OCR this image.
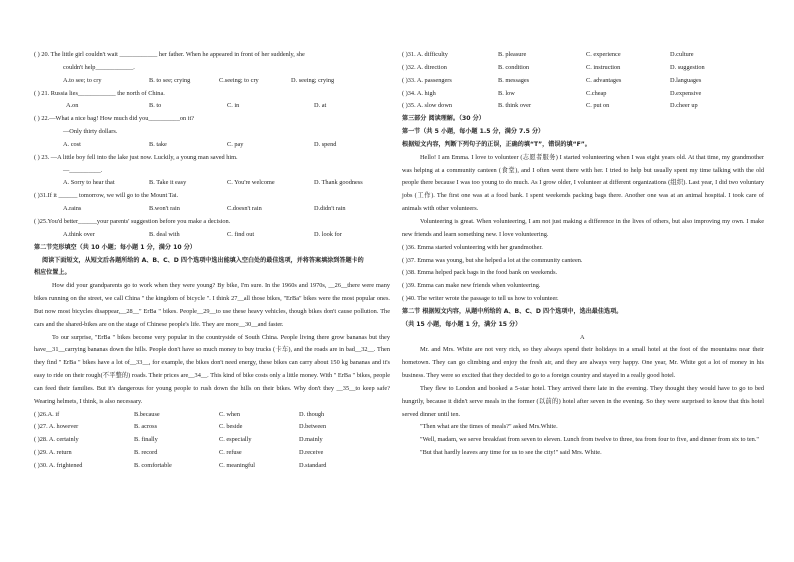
( ) 20. The little girl couldn't wait ____________ her father. When he appeared in front of her suddenly, she
couldn't help____________.
A.to see; to cry	B. to see; crying	C.seeing; to cry	D. seeing; crying
( ) 21. Russia lies____________ the north of China.
A.on	B. to	C. in	D. at
( ) 22.—What a nice bag! How much did you__________on it?
—Only thirty dollars.
A. cost	B. take	C. pay	D. spend
( ) 23. —A little boy fell into the lake just now. Luckily, a young man saved him.
—__________.
A. Sorry to hear that	B. Take it easy	C. You're welcome	D. Thank goodness
( )31.If it ______ tomorrow, we will go to the Mount Tai.
A.rains	B.won't rain	C.doesn't rain	D.didn't rain
( )25.You'd better______your parents' suggestion before you make a decision.
A.think over	B. deal with	C. find out	D. look for
第二节完形填空（共 10 小题；每小题 1 分，满分 10 分）
阅读下面短文，从短文后各题所给的 A、B、C、D 四个选项中选出能填入空白处的最佳选项，并将答案填涂到答题卡的
相应位置上。
How did your grandparents go to work when they were young? By bike, I'm sure. In the 1960s and 1970s, __26__there were many bikes running on the street, we call China " the kingdom of bicycle ". I think 27__all those bikes, "ErBa" bikes were the most popular ones. But now most bicycles disappear,__28__" ErBa " bikes. People__29__to use these heavy vehicles, though bikes don't cause pollution. The cars and the shared-bikes are on the stage of Chinese people's life. They are more__30__and faster.
To our surprise, "ErBa " bikes become very popular in the countryside of South China. People living there grow bananas but they have__31__carrying bananas down the hills. People don't have so much money to buy trucks (卡车), and the roads are in bad__32__. Then they find " ErBa " bikes have a lot of__33__, for example, the bikes don't need energy, these bikes can carry about 150 kg bananas and it's easy to ride on their rough(不平整的) roads. Their prices are__34__. This kind of bike costs only a little money. With " ErBa " bikes, people can feed their families. But it's dangerous for young people to rush down the hills on their bikes. Why don't they __35__to keep safe? Wearing helmets, I think, is also necessary.
( )26.A. if	B.because	C. when	D. though
( )27. A. however	B. across	C. beside	D.between
( )28. A. certainly	B. finally	C. especially	D.mainly
( )29. A. return	B. record	C. refuse	D.receive
( )30. A. frightened	B. comfortable	C. meaningful	D.standard
( )31. A. difficulty	B. pleasure	C. experience	D.culture
( )32. A. direction	B. condition	C. instruction	D. suggestion
( )33. A. passengers	B. messages	C. advantages	D.languages
( )34. A. high	B. low	C.cheap	D.expensive
( )35. A. slow down	B. think over	C. put on	D.cheer up
第三部分 阅读理解。（30 分）
第一节（共 5 小题，每小题 1.5 分，满分 7.5 分）
根据短文内容，判断下列句子的正误，正确的填“T”，错误的填“F”。
Hello! I am Emma. I love to volunteer (志愿者服务) I started volunteering when I was eight years old. At that time, my grandmother was helping at a community canteen (食堂), and I often went there with her. I tried to help but usually spent my time talking with the old people there because I was too young to do much. As I grow older, I volunteer at different organizations (组织). Last year, I did two voluntary jobs (工作). The first one was at a food bank. I spent weekends packing bags there. Another one was at an animal hospital. I took care of animals with other volunteers.
Volunteering is great. When volunteering, I am not just making a difference in the lives of others, but also improving my own. I make new friends and learn something new. I love volunteering.
( )36. Emma started volunteering with her grandmother.
( )37. Emma was young, but she helped a lot at the community canteen.
( )38. Emma helped pack bags in the food bank on weekends.
( )39. Emma can make new friends when volunteering.
( )40. The writer wrote the passage to tell us how to volunteer.
第二节 根据短文内容，从题中所给的 A、B、C、D 四个选项中，选出最佳选项。
（共 15 小题，每小题 1 分，满分 15 分）
A
Mr. and Mrs. White are not very rich, so they always spend their holidays in a small hotel at the foot of the mountains near their hometown. They can go climbing and enjoy the fresh air, and they are always very happy. One year, Mr. White got a lot of money in his business. They were so excited that they decided to go to a foreign country and stayed in a really good hotel.
They flew to London and booked a 5-star hotel. They arrived there late in the evening. They thought they would have to go to bed hungrily, because it didn't serve meals in the former (以前的) hotel after seven in the evening. So they were surprised to know that this hotel served dinner until ten.
"Then what are the times of meals?" asked Mrs.White.
"Well, madam, we serve breakfast from seven to eleven. Lunch from twelve to three, tea from four to five, and dinner from six to ten."
"But that hardly leaves any time for us to see the city!" said Mrs. White.
